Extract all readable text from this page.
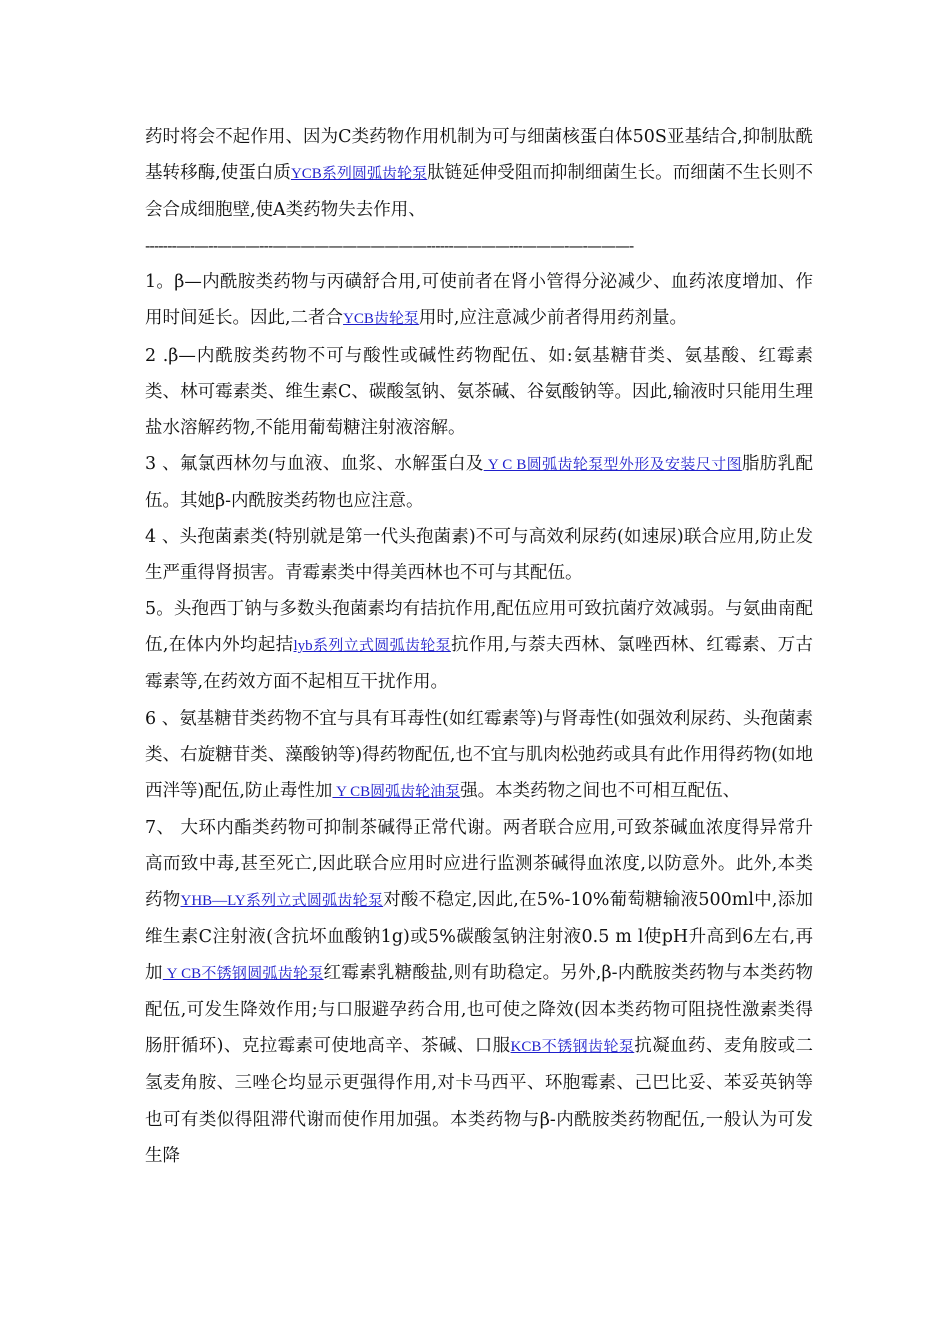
药时将会不起作用、因为C类药物作用机制为可与细菌核蛋白体50S亚基结合,抑制肽酰基转移酶,使蛋白质YCB系列圆弧齿轮泵肽链延伸受阻而抑制细菌生长。而细菌不生长则不会合成细胞壁,使A类药物失去作用、

-------—-—--———---———————————------————---———-—-———-

1。β—内酰胺类药物与丙磺舒合用,可使前者在肾小管得分泌减少、血药浓度增加、作用时间延长。因此,二者合YCB齿轮泵用时,应注意减少前者得用药剂量。

2 .β—内酰胺类药物不可与酸性或碱性药物配伍、如:氨基糖苷类、氨基酸、红霉素类、林可霉素类、维生素C、碳酸氢钠、氨茶碱、谷氨酸钠等。因此,输液时只能用生理盐水溶解药物,不能用葡萄糖注射液溶解。

3 、氟氯西林勿与血液、血浆、水解蛋白及 Y C B圆弧齿轮泵型外形及安装尺寸图脂肪乳配伍。其她β-内酰胺类药物也应注意。

4 、头孢菌素类(特别就是第一代头孢菌素)不可与高效利尿药(如速尿)联合应用,防止发生严重得肾损害。青霉素类中得美西林也不可与其配伍。

5。头孢西丁钠与多数头孢菌素均有拮抗作用,配伍应用可致抗菌疗效减弱。与氨曲南配伍,在体内外均起拮lyb系列立式圆弧齿轮泵抗作用,与萘夫西林、氯唑西林、红霉素、万古霉素等,在药效方面不起相互干扰作用。

6 、氨基糖苷类药物不宜与具有耳毒性(如红霉素等)与肾毒性(如强效利尿药、头孢菌素类、右旋糖苷类、藻酸钠等)得药物配伍,也不宜与肌肉松弛药或具有此作用得药物(如地西泮等)配伍,防止毒性加 Y CB圆弧齿轮油泵强。本类药物之间也不可相互配伍、

7、 大环内酯类药物可抑制茶碱得正常代谢。两者联合应用,可致茶碱血浓度得异常升高而致中毒,甚至死亡,因此联合应用时应进行监测茶碱得血浓度,以防意外。此外,本类药物YHB—LY系列立式圆弧齿轮泵对酸不稳定,因此,在5%-10%葡萄糖输液500ml中,添加维生素C注射液(含抗坏血酸钠1g)或5%碳酸氢钠注射液0.5 m l使pH升高到6左右,再加 Y CB不锈钢圆弧齿轮泵红霉素乳糖酸盐,则有助稳定。另外,β-内酰胺类药物与本类药物配伍,可发生降效作用;与口服避孕药合用,也可使之降效(因本类药物可阻挠性激素类得肠肝循环)、克拉霉素可使地高辛、茶碱、口服KCB不锈钢齿轮泵抗凝血药、麦角胺或二氢麦角胺、三唑仑均显示更强得作用,对卡马西平、环胞霉素、己巴比妥、苯妥英钠等也可有类似得阻滞代谢而使作用加强。本类药物与β-内酰胺类药物配伍,一般认为可发生降
